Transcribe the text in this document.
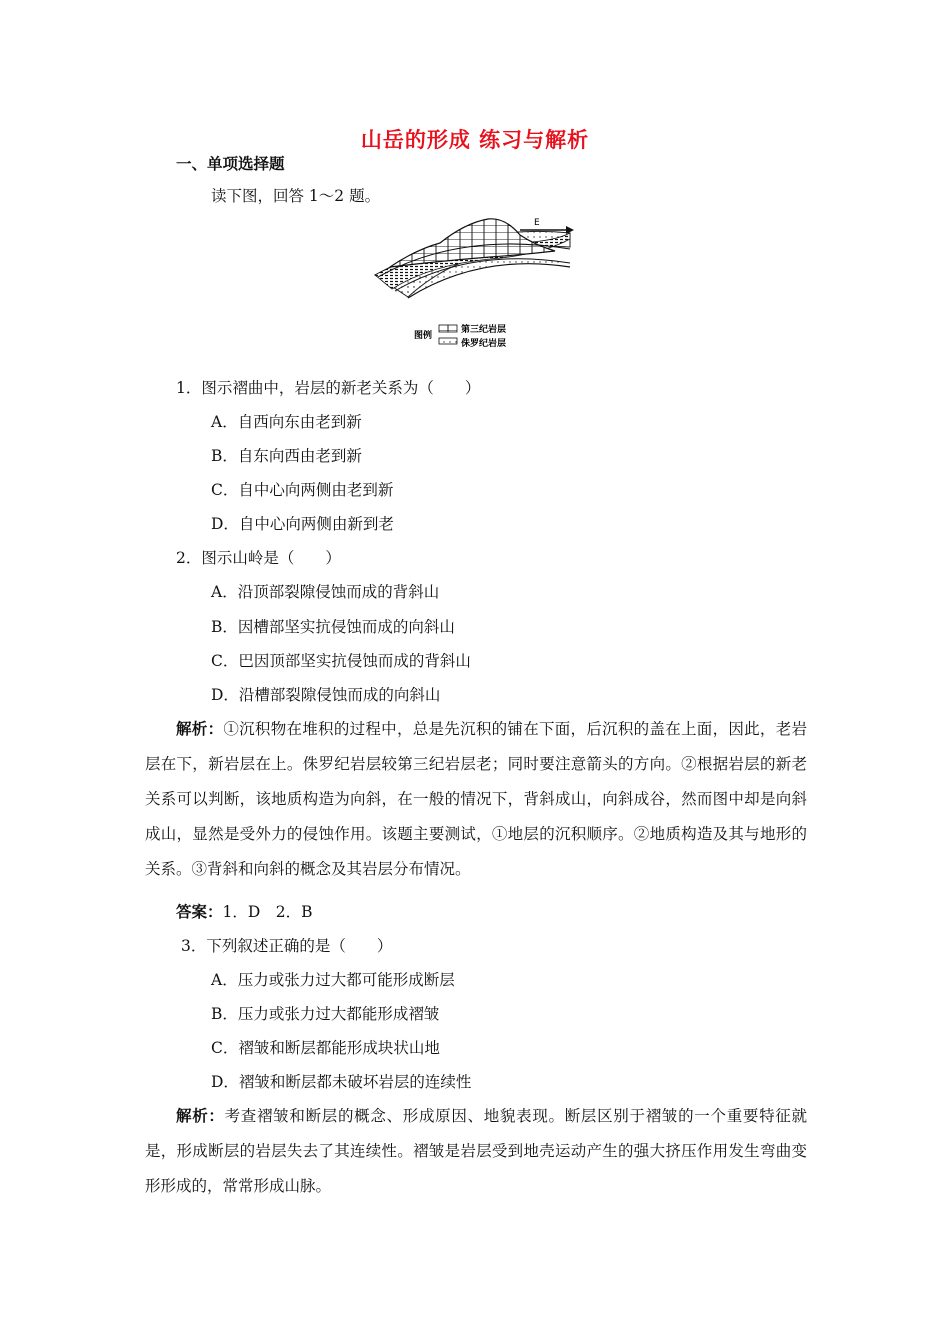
山岳的形成 练习与解析
一、单项选择题
读下图，回答 1～2 题。
E
图例
第三纪岩层
侏罗纪岩层
1．图示褶曲中，岩层的新老关系为（　　）
A．自西向东由老到新
B．自东向西由老到新
C．自中心向两侧由老到新
D．自中心向两侧由新到老
2．图示山岭是（　　）
A．沿顶部裂隙侵蚀而成的背斜山
B．因槽部坚实抗侵蚀而成的向斜山
C．巴因顶部坚实抗侵蚀而成的背斜山
D．沿槽部裂隙侵蚀而成的向斜山
解析：①沉积物在堆积的过程中，总是先沉积的铺在下面，后沉积的盖在上面，因此，老岩层在下，新岩层在上。侏罗纪岩层较第三纪岩层老；同时要注意箭头的方向。②根据岩层的新老关系可以判断，该地质构造为向斜，在一般的情况下，背斜成山，向斜成谷，然而图中却是向斜成山，显然是受外力的侵蚀作用。该题主要测试，①地层的沉积顺序。②地质构造及其与地形的关系。③背斜和向斜的概念及其岩层分布情况。
答案：1．D　2．B
3．下列叙述正确的是（　　）
A．压力或张力过大都可能形成断层
B．压力或张力过大都能形成褶皱
C．褶皱和断层都能形成块状山地
D．褶皱和断层都未破坏岩层的连续性
解析：考查褶皱和断层的概念、形成原因、地貌表现。断层区别于褶皱的一个重要特征就是，形成断层的岩层失去了其连续性。褶皱是岩层受到地壳运动产生的强大挤压作用发生弯曲变形形成的，常常形成山脉。
